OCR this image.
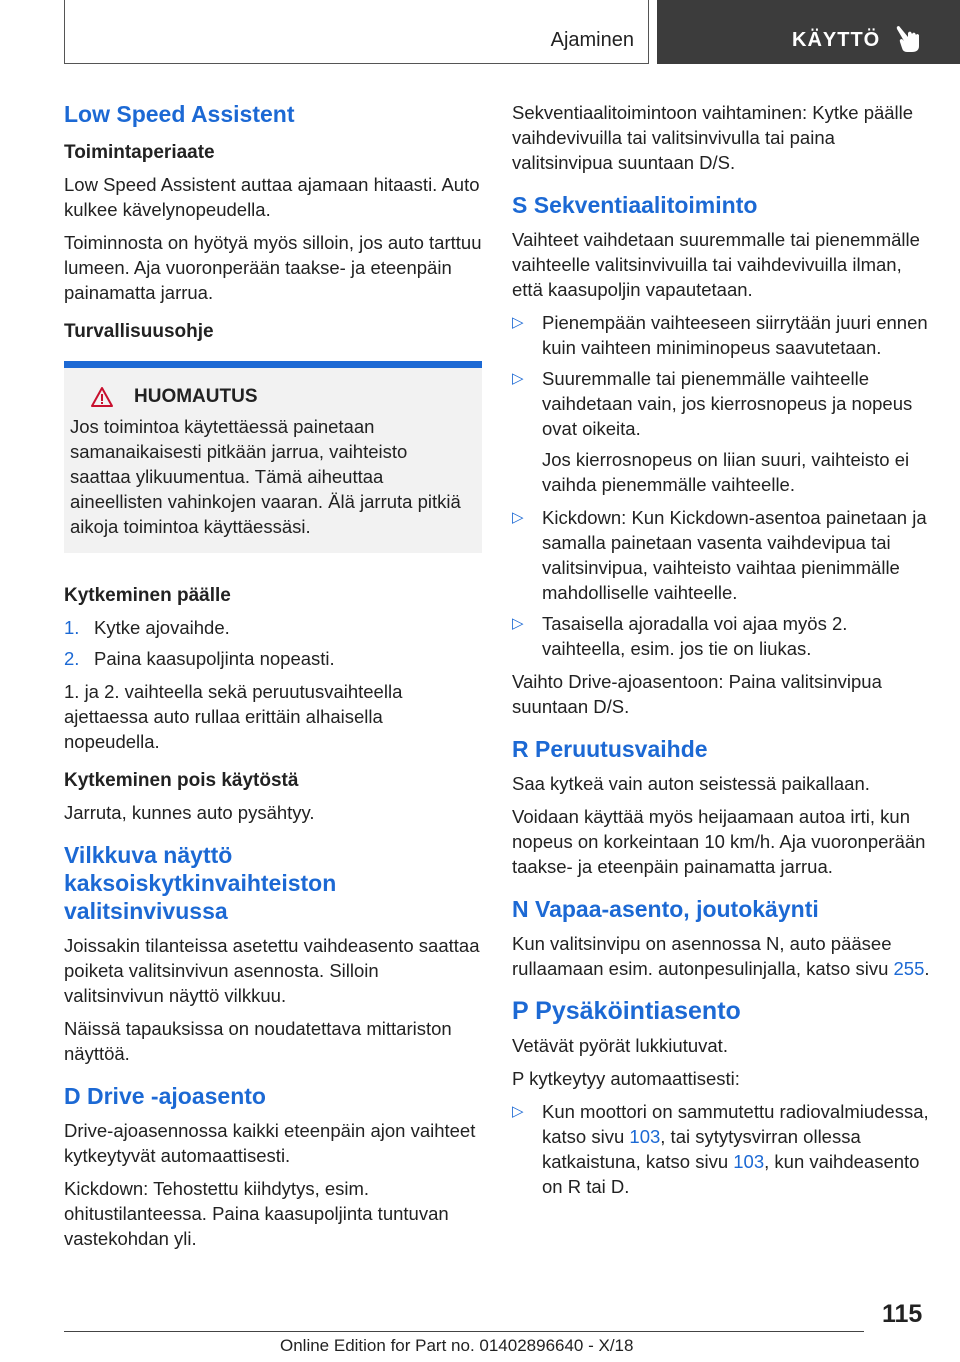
Ajaminen	KÄYTTÖ
Low Speed Assistent
Toimintaperiaate

Low Speed Assistent auttaa ajamaan hitaasti. Auto kulkee kävelynopeudella.

Toiminnosta on hyötyä myös silloin, jos auto tarttuu lumeen. Aja vuoronperään taakse- ja eteenpäin painamatta jarrua.

Turvallisuusohje
HUOMAUTUS

Jos toimintoa käytettäessä painetaan samanaikaisesti pitkään jarrua, vaihteisto saattaa ylikuumentua. Tämä aiheuttaa aineellisten vahinkojen vaaran. Älä jarruta pitkiä aikoja toimintoa käyttäessäsi.

Kytkeminen päälle
1. Kytke ajovaihde.
2. Paina kaasupoljinta nopeasti.

1. ja 2. vaihteella sekä peruutusvaihteella ajettaessa auto rullaa erittäin alhaisella nopeudella.

Kytkeminen pois käytöstä

Jarruta, kunnes auto pysähtyy.

Vilkkuva näyttö kaksoiskytkinvaihteiston valitsinvivussa

Joissakin tilanteissa asetettu vaihdeasento saattaa poiketa valitsinvivun asennosta. Silloin valitsinvivun näyttö vilkkuu.

Näissä tapauksissa on noudatettava mittariston näyttöä.

D Drive -ajoasento

Drive-ajoasennossa kaikki eteenpäin ajon vaihteet kytkeytyvät automaattisesti.

Kickdown: Tehostettu kiihdytys, esim. ohitustilanteessa. Paina kaasupoljinta tuntuvan vastekohdan yli.

Sekventiaalitoimintoon vaihtaminen: Kytke päälle vaihdevivuilla tai valitsinvivulla tai paina valitsinvipua suuntaan D/S.

S Sekventiaalitoiminto

Vaihteet vaihdetaan suuremmalle tai pienemmälle vaihteelle valitsinvivuilla tai vaihdevivuilla ilman, että kaasupoljin vapautetaan.

▷ Pienempään vaihteeseen siirrytään juuri ennen kuin vaihteen miniminopeus saavutetaan.
▷ Suuremmalle tai pienemmälle vaihteelle vaihdetaan vain, jos kierrosnopeus ja nopeus ovat oikeita.

Jos kierrosnopeus on liian suuri, vaihteisto ei vaihda pienemmälle vaihteelle.

▷ Kickdown: Kun Kickdown-asentoa painetaan ja samalla painetaan vasenta vaihdevipua tai valitsinvipua, vaihteisto vaihtaa pienimmälle mahdolliselle vaihteelle.
▷ Tasaisella ajoradalla voi ajaa myös 2. vaihteella, esim. jos tie on liukas.

Vaihto Drive-ajoasentoon: Paina valitsinvipua suuntaan D/S.

R Peruutusvaihde

Saa kytkeä vain auton seistessä paikallaan.

Voidaan käyttää myös heijaamaan autoa irti, kun nopeus on korkeintaan 10 km/h. Aja vuoronperään taakse- ja eteenpäin painamatta jarrua.

N Vapaa-asento, joutokäynti

Kun valitsinvipu on asennossa N, auto pääsee rullaamaan esim. autonpesulinjalla, katso sivu 255.

P Pysäköintiasento

Vetävät pyörät lukkiutuvat.

P kytkeytyy automaattisesti:

▷ Kun moottori on sammutettu radiovalmiudessa, katso sivu 103, tai sytytysvirran ollessa katkaistuna, katso sivu 103, kun vaihdeasento on R tai D.
115
Online Edition for Part no. 01402896640 - X/18
